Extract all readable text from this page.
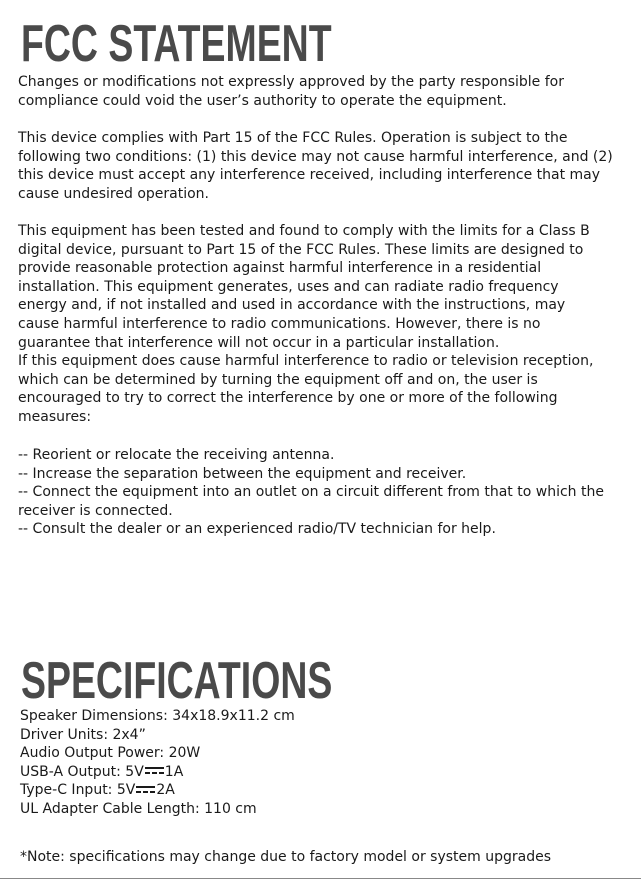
FCC STATEMENT

Changes or modifications not expressly approved by the party responsible for
compliance could void the user’s authority to operate the equipment.

This device complies with Part 15 of the FCC Rules. Operation is subject to the
following two conditions: (1) this device may not cause harmful interference, and (2)
this device must accept any interference received, including interference that may
cause undesired operation.

This equipment has been tested and found to comply with the limits for a Class B
digital device, pursuant to Part 15 of the FCC Rules. These limits are designed to
provide reasonable protection against harmful interference in a residential
installation. This equipment generates, uses and can radiate radio frequency
energy and, if not installed and used in accordance with the instructions, may
cause harmful interference to radio communications. However, there is no
guarantee that interference will not occur in a particular installation.
If this equipment does cause harmful interference to radio or television reception,
which can be determined by turning the equipment off and on, the user is
encouraged to try to correct the interference by one or more of the following
measures:

-- Reorient or relocate the receiving antenna.
-- Increase the separation between the equipment and receiver.
-- Connect the equipment into an outlet on a circuit different from that to which the
receiver is connected.
-- Consult the dealer or an experienced radio/TV technician for help.

SPECIFICATIONS
Speaker Dimensions: 34x18.9x11.2 cm
Driver Units: 2x4”
Audio Output Power: 20W
USB-A Output: 5V 1A
Type-C Input: 5V 2A
UL Adapter Cable Length: 110 cm

*Note: specifications may change due to factory model or system upgrades
